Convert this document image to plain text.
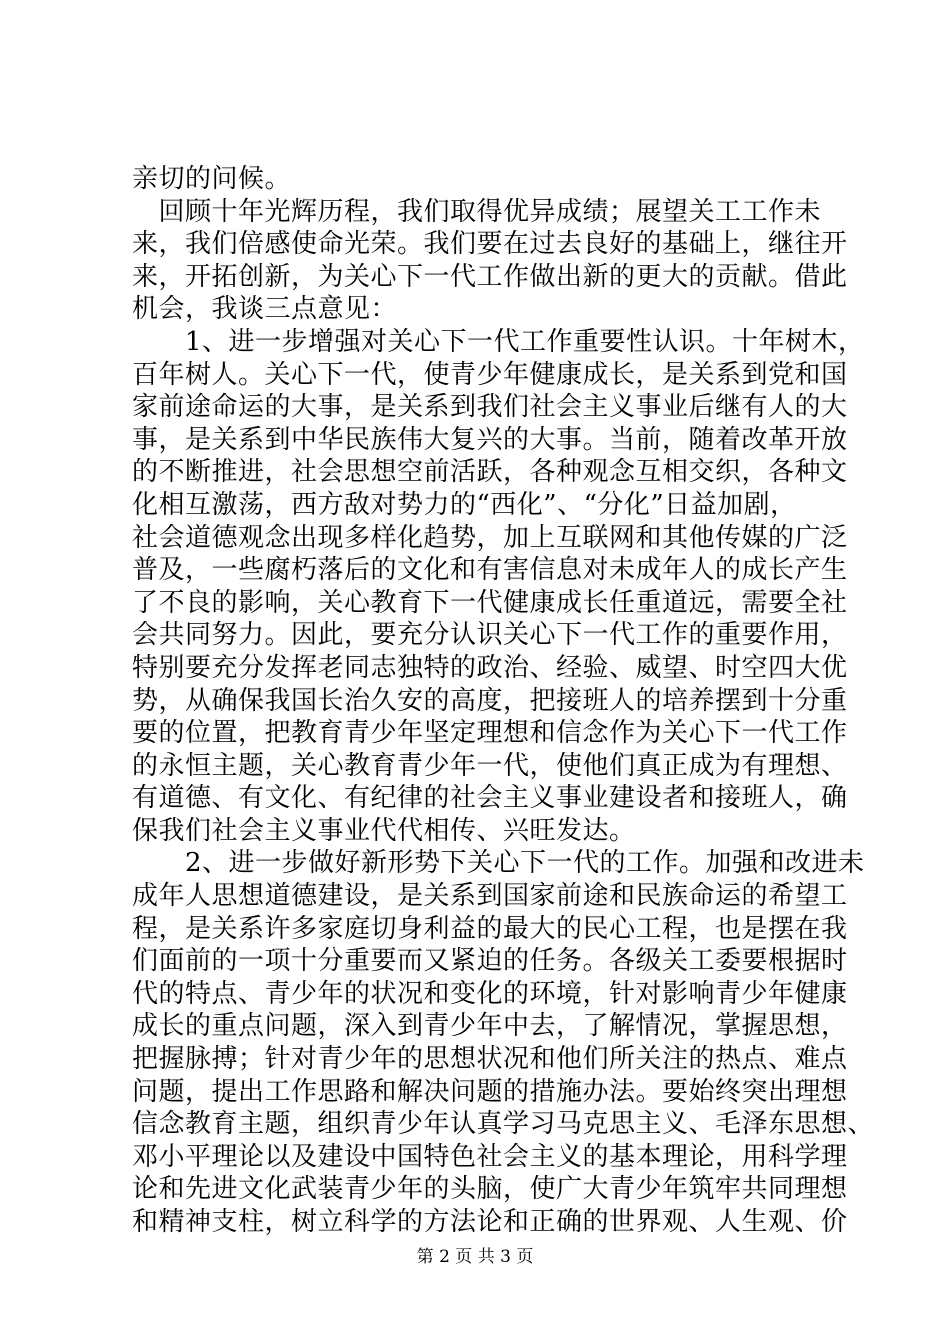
亲切的问候。
　回顾十年光辉历程，我们取得优异成绩；展望关工工作未
来，我们倍感使命光荣。我们要在过去良好的基础上，继往开
来，开拓创新，为关心下一代工作做出新的更大的贡献。借此
机会，我谈三点意见：
　　1、进一步增强对关心下一代工作重要性认识。十年树木，
百年树人。关心下一代，使青少年健康成长，是关系到党和国
家前途命运的大事，是关系到我们社会主义事业后继有人的大
事，是关系到中华民族伟大复兴的大事。当前，随着改革开放
的不断推进，社会思想空前活跃，各种观念互相交织，各种文
化相互激荡，西方敌对势力的“西化”、“分化”日益加剧，
社会道德观念出现多样化趋势，加上互联网和其他传媒的广泛
普及，一些腐朽落后的文化和有害信息对未成年人的成长产生
了不良的影响，关心教育下一代健康成长任重道远，需要全社
会共同努力。因此，要充分认识关心下一代工作的重要作用，
特别要充分发挥老同志独特的政治、经验、威望、时空四大优
势，从确保我国长治久安的高度，把接班人的培养摆到十分重
要的位置，把教育青少年坚定理想和信念作为关心下一代工作
的永恒主题，关心教育青少年一代，使他们真正成为有理想、
有道德、有文化、有纪律的社会主义事业建设者和接班人，确
保我们社会主义事业代代相传、兴旺发达。
　　2、进一步做好新形势下关心下一代的工作。加强和改进未
成年人思想道德建设，是关系到国家前途和民族命运的希望工
程，是关系许多家庭切身利益的最大的民心工程，也是摆在我
们面前的一项十分重要而又紧迫的任务。各级关工委要根据时
代的特点、青少年的状况和变化的环境，针对影响青少年健康
成长的重点问题，深入到青少年中去，了解情况，掌握思想，
把握脉搏；针对青少年的思想状况和他们所关注的热点、难点
问题，提出工作思路和解决问题的措施办法。要始终突出理想
信念教育主题，组织青少年认真学习马克思主义、毛泽东思想、
邓小平理论以及建设中国特色社会主义的基本理论，用科学理
论和先进文化武装青少年的头脑，使广大青少年筑牢共同理想
和精神支柱，树立科学的方法论和正确的世界观、人生观、价
第 2 页 共 3 页
